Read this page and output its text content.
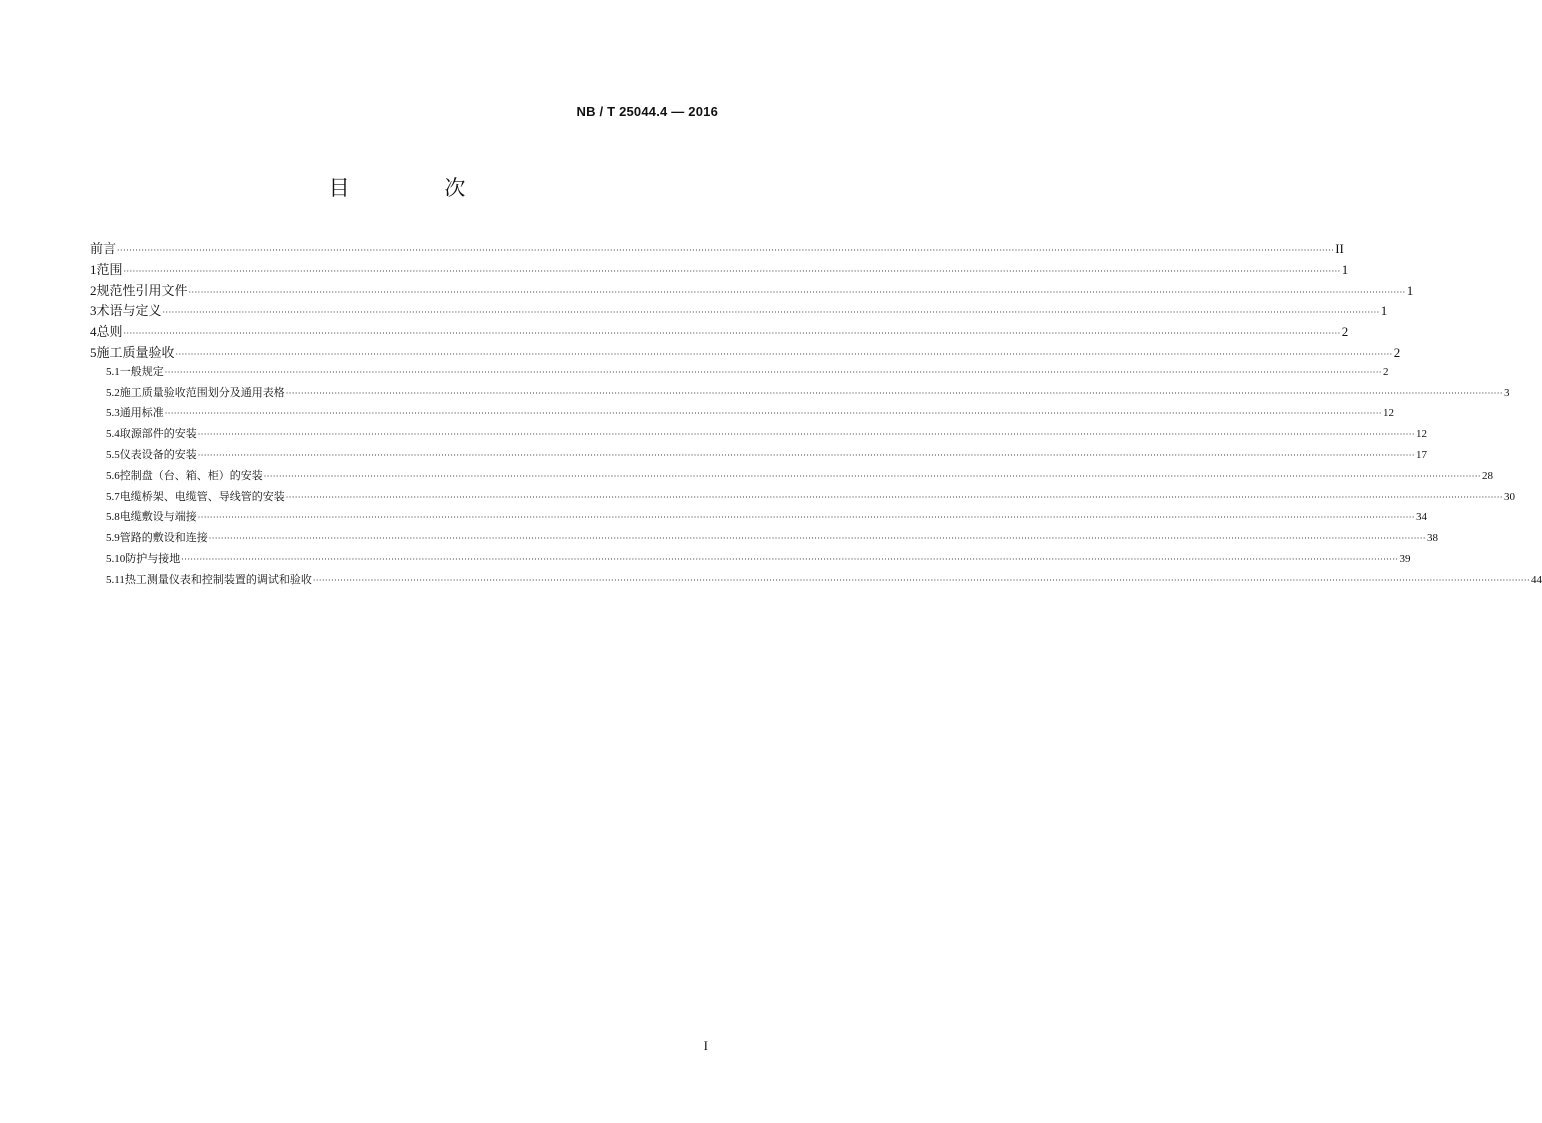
NB / T 25044.4 — 2016
目 次
前言 ················································································································································································································································································································································································································ II
1 范围 ················································································································································································································································································································································································································ 1
2 规范性引用文件 ················································································································································································································································································································································································································ 1
3 术语与定义 ················································································································································································································································································································································································································ 1
4 总则 ················································································································································································································································································································································································································ 2
5 施工质量验收 ················································································································································································································································································································································································································ 2
5.1 一般规定 ················································································································································································································································································································································································································ 2
5.2 施工质量验收范围划分及通用表格 ················································································································································································································································································································································································································ 3
5.3 通用标准 ················································································································································································································································································································································································································ 12
5.4 取源部件的安装 ················································································································································································································································································································································································································ 12
5.5 仪表设备的安装 ················································································································································································································································································································································································································ 17
5.6 控制盘（台、箱、柜）的安装 ················································································································································································································································································································································································································ 28
5.7 电缆桥架、电缆管、导线管的安装 ················································································································································································································································································································································································································ 30
5.8 电缆敷设与端接 ················································································································································································································································································································································································································ 34
5.9 管路的敷设和连接 ················································································································································································································································································································································································································ 38
5.10 防护与接地 ················································································································································································································································································································································································································ 39
5.11 热工测量仪表和控制装置的调试和验收 ················································································································································································································································································································································································································ 44
I
